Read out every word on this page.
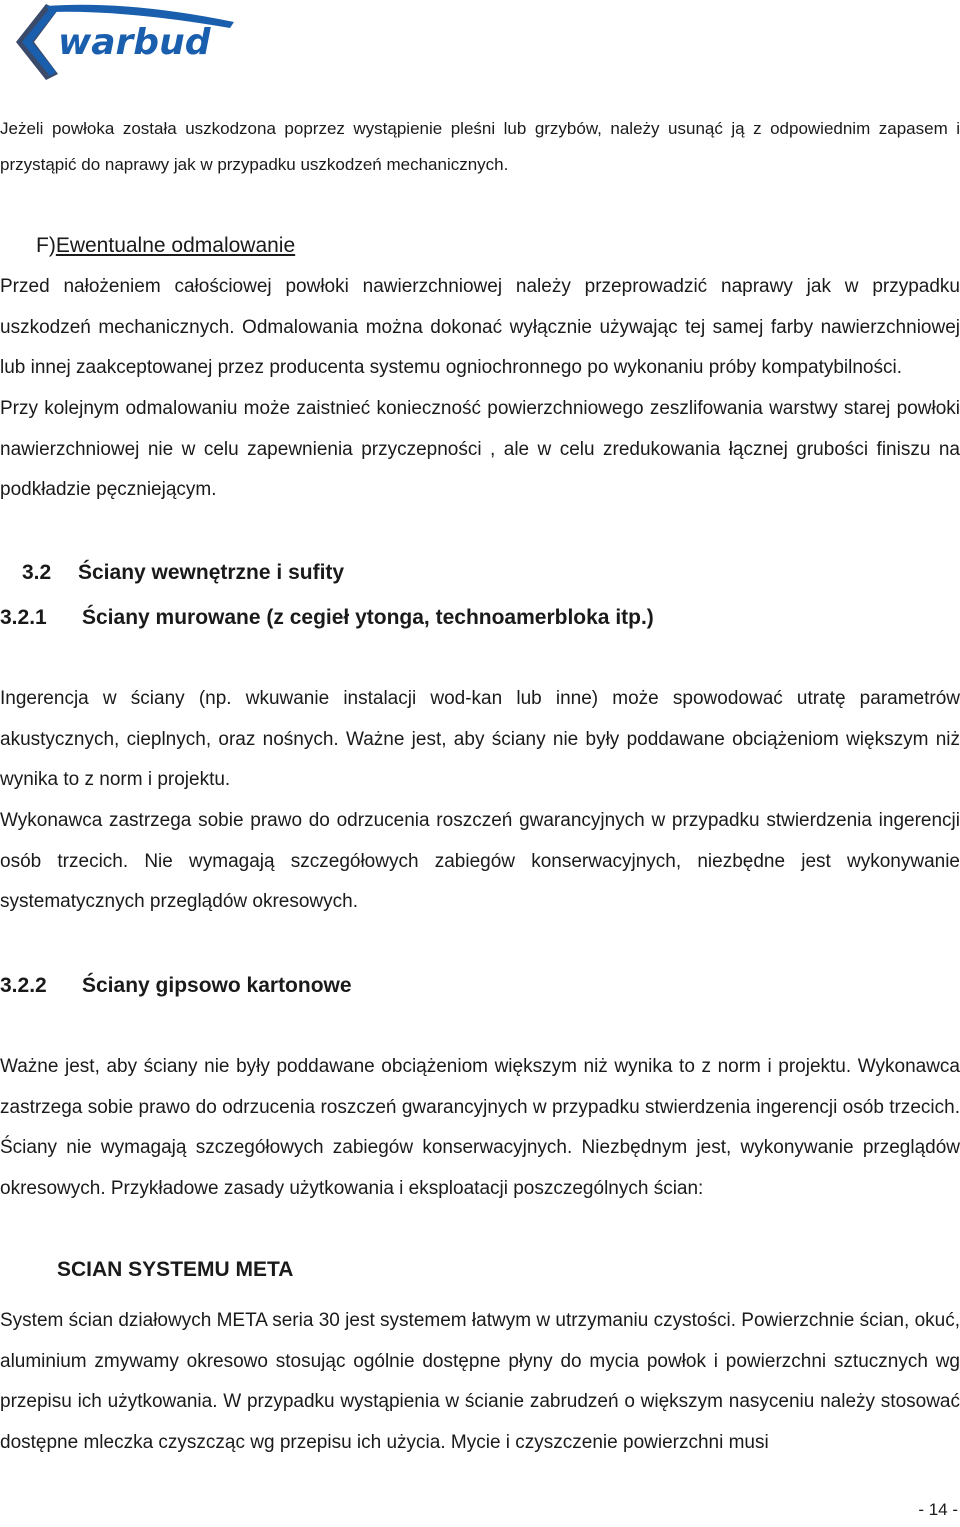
warbud
Jeżeli powłoka została uszkodzona poprzez wystąpienie pleśni lub grzybów, należy usunąć ją z odpowiednim zapasem i przystąpić do naprawy jak w przypadku uszkodzeń mechanicznych.
F)Ewentualne odmalowanie
Przed nałożeniem całościowej powłoki nawierzchniowej należy przeprowadzić naprawy jak w przypadku uszkodzeń mechanicznych. Odmalowania można dokonać wyłącznie używając tej samej farby nawierzchniowej lub innej zaakceptowanej przez producenta systemu ogniochronnego po wykonaniu próby kompatybilności.
Przy kolejnym odmalowaniu może zaistnieć konieczność powierzchniowego zeszlifowania warstwy starej powłoki nawierzchniowej nie w celu zapewnienia przyczepności , ale w celu zredukowania łącznej grubości finiszu na podkładzie pęczniejącym.
3.2 Ściany wewnętrzne i sufity
3.2.1 Ściany murowane (z cegieł ytonga, technoamerbloka itp.)
Ingerencja w ściany (np. wkuwanie instalacji wod-kan lub inne) może spowodować utratę parametrów akustycznych, cieplnych, oraz nośnych. Ważne jest, aby ściany nie były poddawane obciążeniom większym niż wynika to z norm i projektu.
Wykonawca zastrzega sobie prawo do odrzucenia roszczeń gwarancyjnych w przypadku stwierdzenia ingerencji osób trzecich. Nie wymagają szczegółowych zabiegów konserwacyjnych, niezbędne jest wykonywanie systematycznych przeglądów okresowych.
3.2.2 Ściany gipsowo kartonowe
Ważne jest, aby ściany nie były poddawane obciążeniom większym niż wynika to z norm i projektu. Wykonawca zastrzega sobie prawo do odrzucenia roszczeń gwarancyjnych w przypadku stwierdzenia ingerencji osób trzecich. Ściany nie wymagają szczegółowych zabiegów konserwacyjnych. Niezbędnym jest, wykonywanie przeglądów okresowych. Przykładowe zasady użytkowania i eksploatacji poszczególnych ścian:
SCIAN SYSTEMU META
System ścian działowych META seria 30 jest systemem łatwym w utrzymaniu czystości. Powierzchnie ścian, okuć, aluminium zmywamy okresowo stosując ogólnie dostępne płyny do mycia powłok i powierzchni sztucznych wg przepisu ich użytkowania. W przypadku wystąpienia w ścianie zabrudzeń o większym nasyceniu należy stosować dostępne mleczka czyszcząc wg przepisu ich użycia. Mycie i czyszczenie powierzchni musi
- 14 -
